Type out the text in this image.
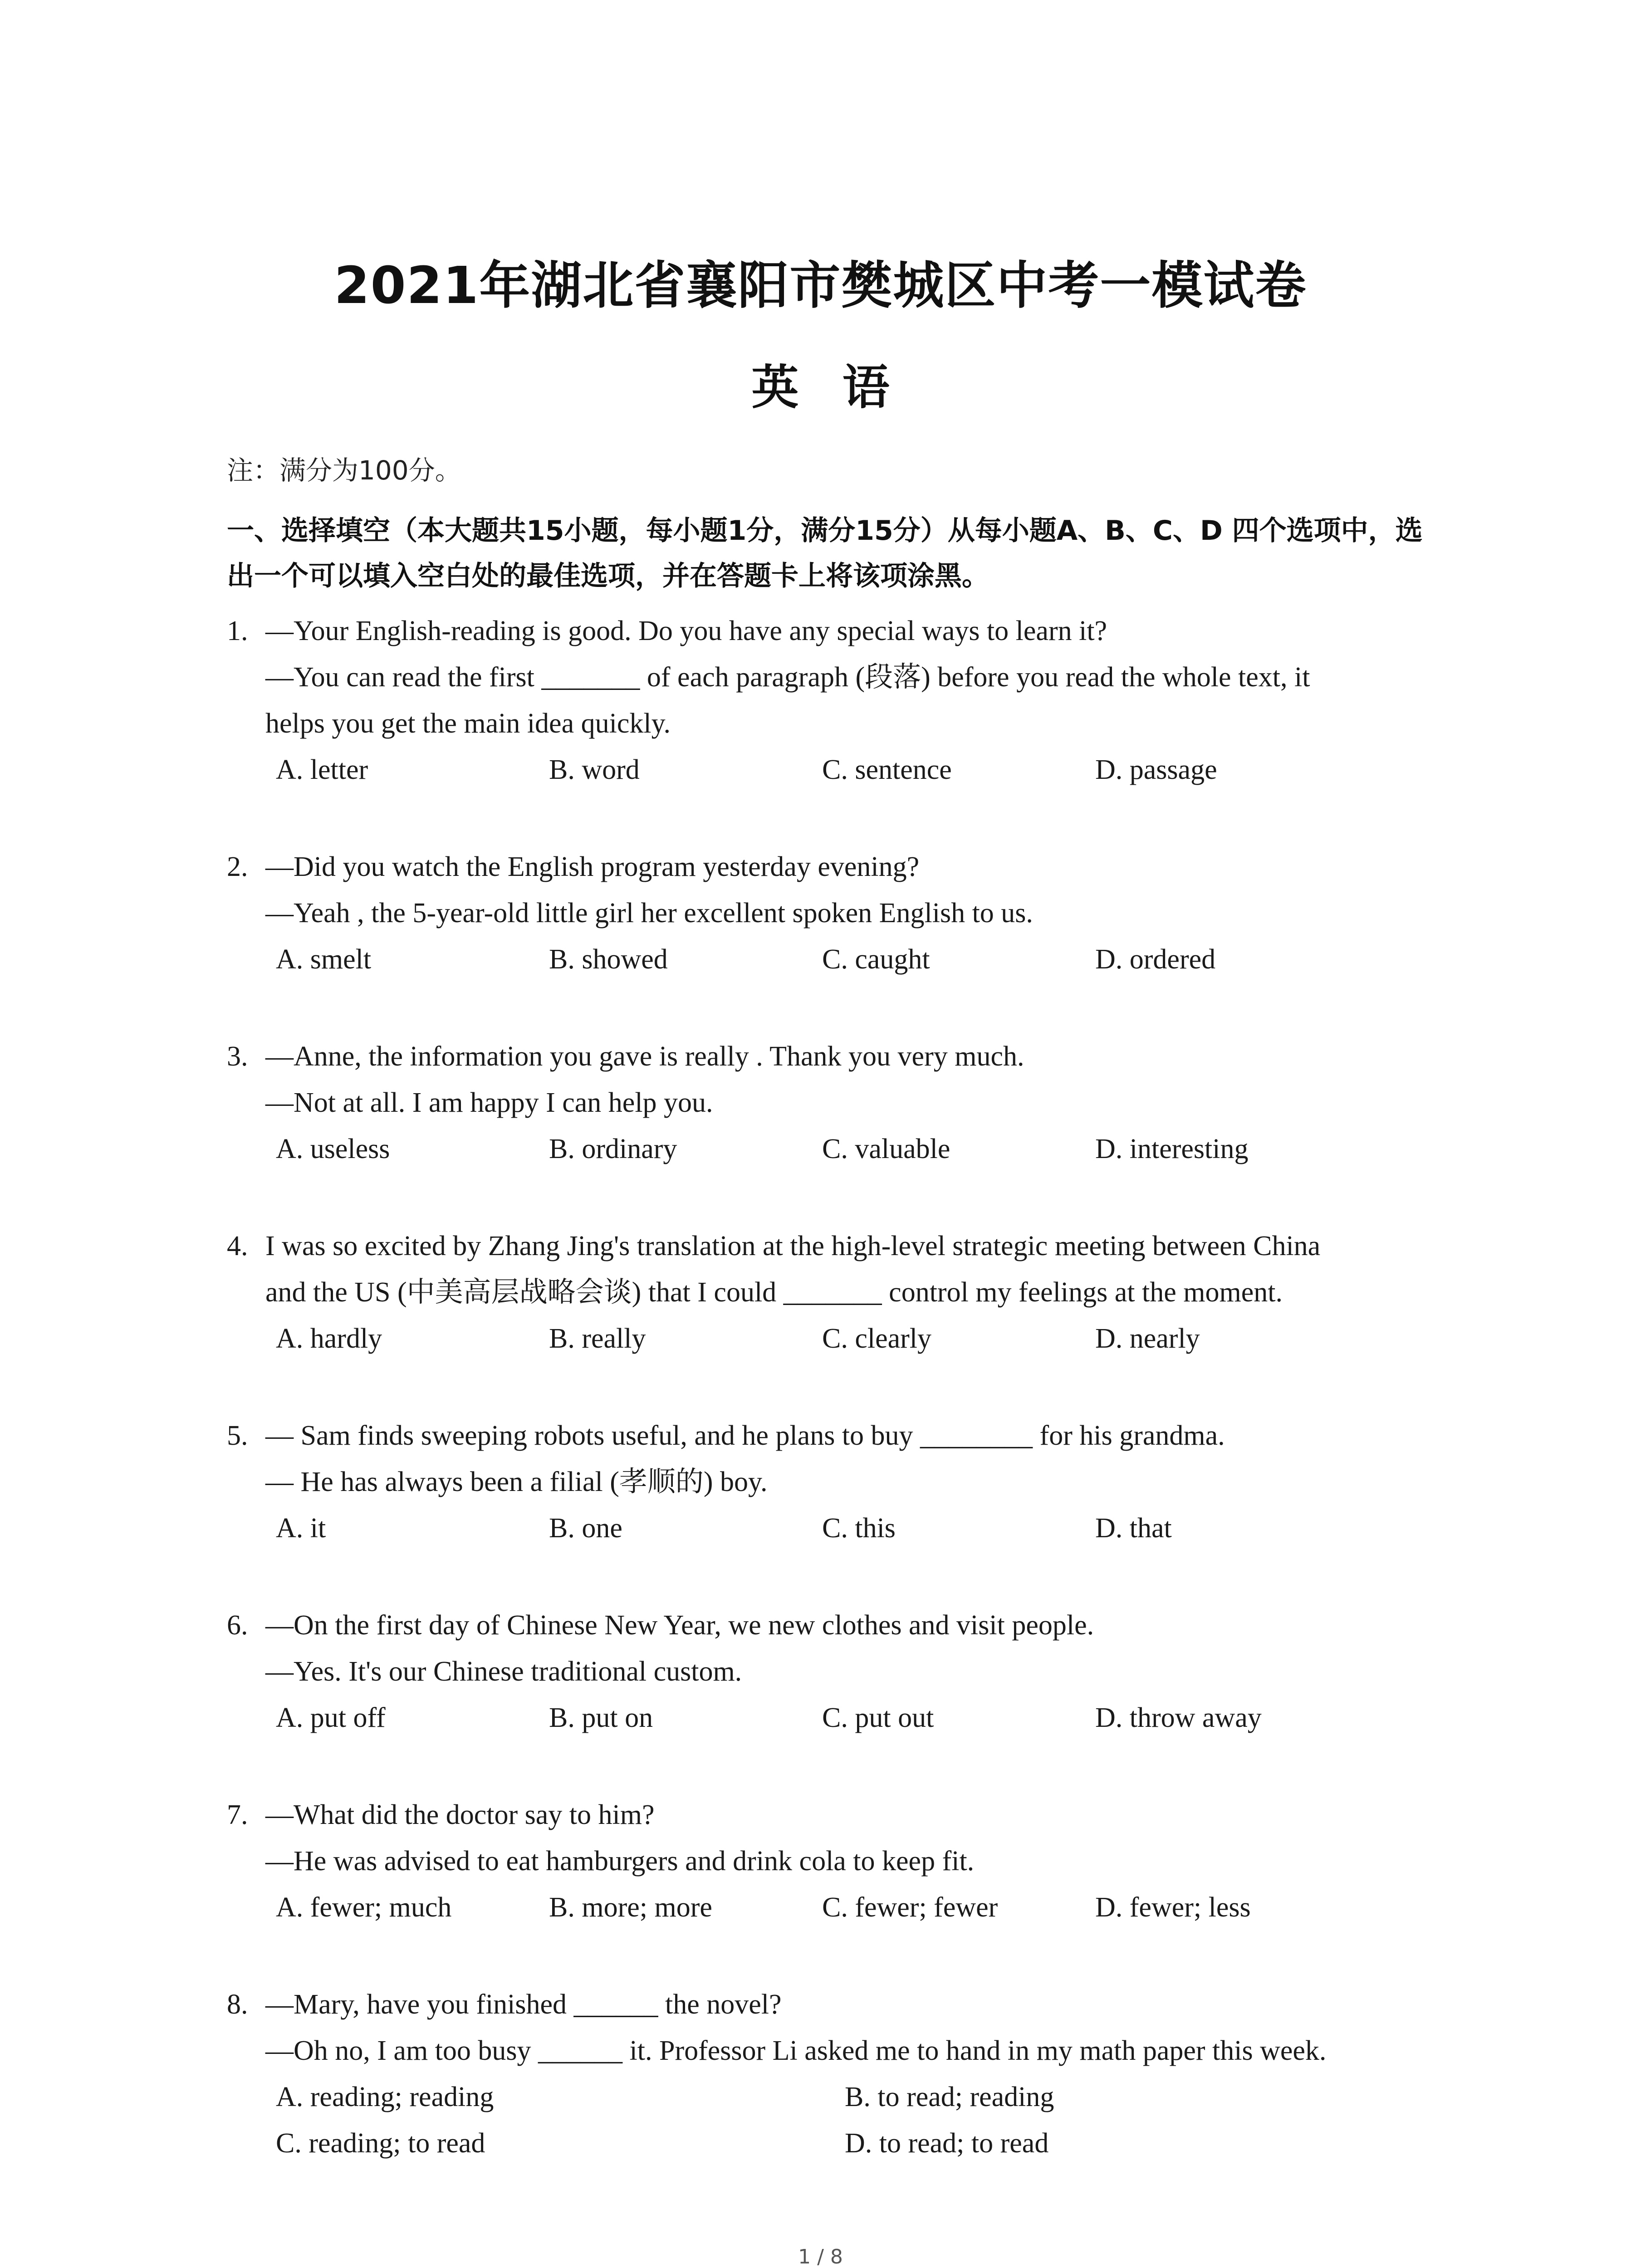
2021年湖北省襄阳市樊城区中考一模试卷
英 语
注：满分为100分。
一、选择填空（本大题共15小题，每小题1分，满分15分）从每小题A、B、C、D 四个选项中，选出一个可以填入空白处的最佳选项，并在答题卡上将该项涂黑。
1. —Your English-reading is good. Do you have any special ways to learn it?
—You can read the first _______ of each paragraph (段落) before you read the whole text, it
helps you get the main idea quickly.
A. letter	B. word	C. sentence	D. passage
2. —Did you watch the English program yesterday evening?
—Yeah , the 5-year-old little girl her excellent spoken English to us.
A. smelt	B. showed	C. caught	D. ordered
3. —Anne, the information you gave is really . Thank you very much.
—Not at all. I am happy I can help you.
A. useless	B. ordinary	C. valuable	D. interesting
4. I was so excited by Zhang Jing's translation at the high-level strategic meeting between China
and the US (中美高层战略会谈) that I could _______ control my feelings at the moment.
A. hardly	B. really	C. clearly	D. nearly
5. — Sam finds sweeping robots useful, and he plans to buy ________ for his grandma.
— He has always been a filial (孝顺的) boy.
A. it	B. one	C. this	D. that
6. —On the first day of Chinese New Year, we new clothes and visit people.
—Yes. It's our Chinese traditional custom.
A. put off	B. put on	C. put out	D. throw away
7. —What did the doctor say to him?
—He was advised to eat hamburgers and drink cola to keep fit.
A. fewer; much	B. more; more	C. fewer; fewer	D. fewer; less
8. —Mary, have you finished ______ the novel?
—Oh no, I am too busy ______ it. Professor Li asked me to hand in my math paper this week.
A. reading; reading	B. to read; reading
C. reading; to read	D. to read; to read
1 / 8
